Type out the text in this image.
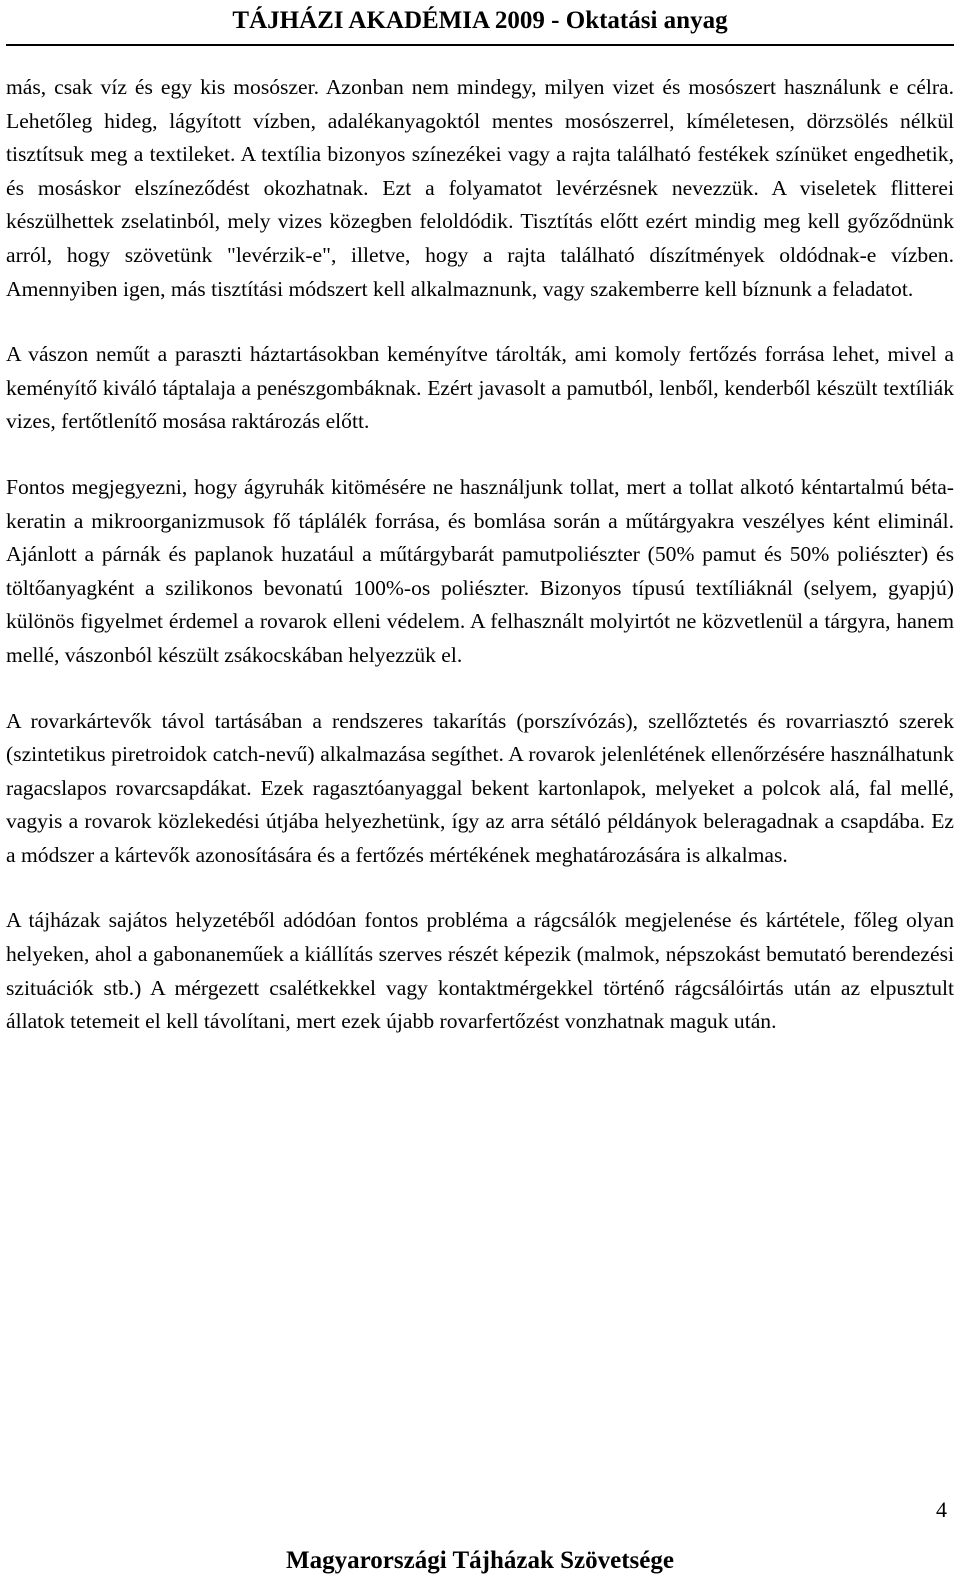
TÁJHÁZI AKADÉMIA 2009 - Oktatási anyag

más, csak víz és egy kis mosószer. Azonban nem mindegy, milyen vizet és mosószert használunk e célra. Lehetőleg hideg, lágyított vízben, adalékanyagoktól mentes mosószerrel, kíméletesen, dörzsölés nélkül tisztítsuk meg a textileket. A textília bizonyos színezékei vagy a rajta található festékek színüket engedhetik, és mosáskor elszíneződést okozhatnak. Ezt a folyamatot levérzésnek nevezzük. A viseletek flitterei készülhettek zselatinból, mely vizes közegben feloldódik. Tisztítás előtt ezért mindig meg kell győződnünk arról, hogy szövetünk "levérzik-e", illetve, hogy a rajta található díszítmények oldódnak-e vízben. Amennyiben igen, más tisztítási módszert kell alkalmaznunk, vagy szakemberre kell bíznunk a feladatot.

A vászon neműt a paraszti háztartásokban keményítve tárolták, ami komoly fertőzés forrása lehet, mivel a keményítő kiváló táptalaja a penészgombáknak. Ezért javasolt a pamutból, lenből, kenderből készült textíliák vizes, fertőtlenítő mosása raktározás előtt.

Fontos megjegyezni, hogy ágyruhák kitömésére ne használjunk tollat, mert a tollat alkotó kéntartalmú béta-keratin a mikroorganizmusok fő táplálék forrása, és bomlása során a műtárgyakra veszélyes ként eliminál. Ajánlott a párnák és paplanok huzatául a műtárgybarát pamutpoliészter (50% pamut és 50% poliészter) és töltőanyagként a szilikonos bevonatú 100%-os poliészter. Bizonyos típusú textíliáknál (selyem, gyapjú) különös figyelmet érdemel a rovarok elleni védelem. A felhasznált molyirtót ne közvetlenül a tárgyra, hanem mellé, vászonból készült zsákocskában helyezzük el.

A rovarkártevők távol tartásában a rendszeres takarítás (porszívózás), szellőztetés és rovarriasztó szerek (szintetikus piretroidok catch-nevű) alkalmazása segíthet. A rovarok jelenlétének ellenőrzésére használhatunk ragacslapos rovarcsapdákat. Ezek ragasztóanyaggal bekent kartonlapok, melyeket a polcok alá, fal mellé, vagyis a rovarok közlekedési útjába helyezhetünk, így az arra sétáló példányok beleragadnak a csapdába. Ez a módszer a kártevők azonosítására és a fertőzés mértékének meghatározására is alkalmas.

A tájházak sajátos helyzetéből adódóan fontos probléma a rágcsálók megjelenése és kártétele, főleg olyan helyeken, ahol a gabonaneműek a kiállítás szerves részét képezik (malmok, népszokást bemutató berendezési szituációk stb.) A mérgezett csalétkekkel vagy kontaktmérgekkel történő rágcsálóirtás után az elpusztult állatok tetemeit el kell távolítani, mert ezek újabb rovarfertőzést vonzhatnak maguk után.

4
Magyarországi Tájházak Szövetsége
